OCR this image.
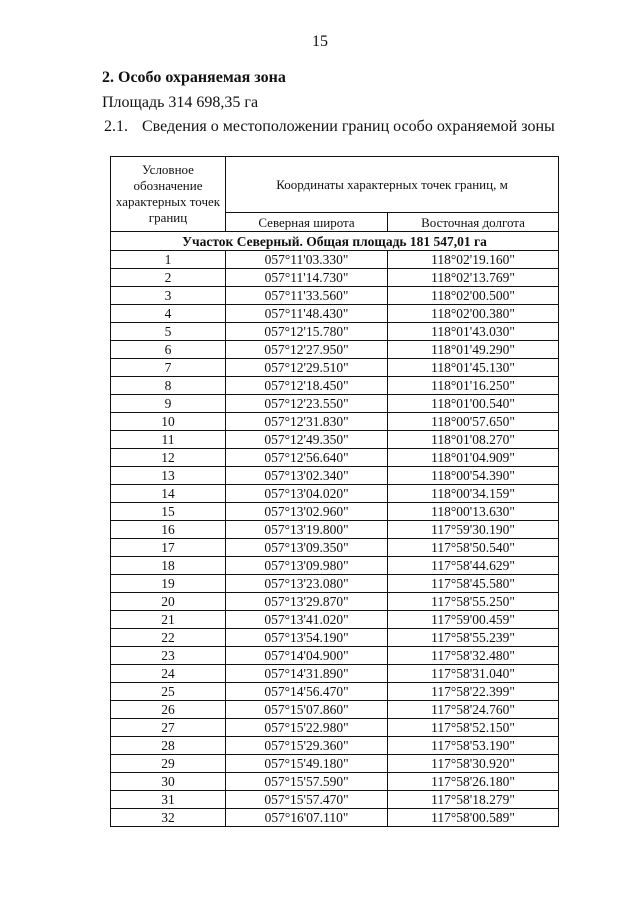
15
2. Особо охраняемая зона
Площадь 314 698,35 га
2.1. Сведения о местоположении границ особо охраняемой зоны
Условное обозначение характерных точек границ	Координаты характерных точек границ, м	
	Северная широта	Восточная долгота
Участок Северный. Общая площадь 181 547,01 га		
1	057°11'03.330"	118°02'19.160"
2	057°11'14.730"	118°02'13.769"
3	057°11'33.560"	118°02'00.500"
4	057°11'48.430"	118°02'00.380"
5	057°12'15.780"	118°01'43.030"
6	057°12'27.950"	118°01'49.290"
7	057°12'29.510"	118°01'45.130"
8	057°12'18.450"	118°01'16.250"
9	057°12'23.550"	118°01'00.540"
10	057°12'31.830"	118°00'57.650"
11	057°12'49.350"	118°01'08.270"
12	057°12'56.640"	118°01'04.909"
13	057°13'02.340"	118°00'54.390"
14	057°13'04.020"	118°00'34.159"
15	057°13'02.960"	118°00'13.630"
16	057°13'19.800"	117°59'30.190"
17	057°13'09.350"	117°58'50.540"
18	057°13'09.980"	117°58'44.629"
19	057°13'23.080"	117°58'45.580"
20	057°13'29.870"	117°58'55.250"
21	057°13'41.020"	117°59'00.459"
22	057°13'54.190"	117°58'55.239"
23	057°14'04.900"	117°58'32.480"
24	057°14'31.890"	117°58'31.040"
25	057°14'56.470"	117°58'22.399"
26	057°15'07.860"	117°58'24.760"
27	057°15'22.980"	117°58'52.150"
28	057°15'29.360"	117°58'53.190"
29	057°15'49.180"	117°58'30.920"
30	057°15'57.590"	117°58'26.180"
31	057°15'57.470"	117°58'18.279"
32	057°16'07.110"	117°58'00.589"
